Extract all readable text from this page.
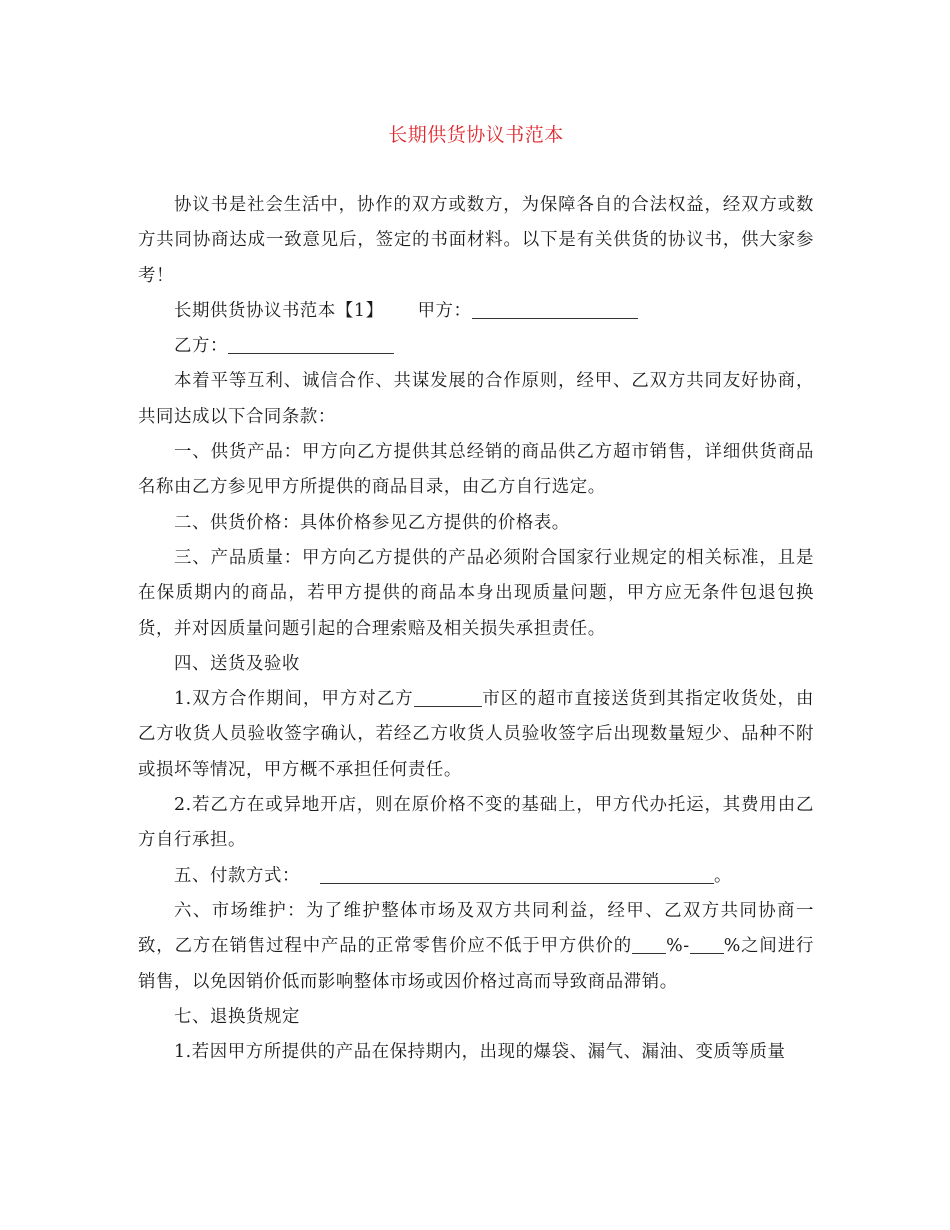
长期供货协议书范本

协议书是社会生活中，协作的双方或数方，为保障各自的合法权益，经双方或数方共同协商达成一致意见后，签定的书面材料。以下是有关供货的协议书，供大家参考！

长期供货协议书范本【1】 甲方：

乙方：

本着平等互利、诚信合作、共谋发展的合作原则，经甲、乙双方共同友好协商，共同达成以下合同条款：

一、供货产品：甲方向乙方提供其总经销的商品供乙方超市销售，详细供货商品名称由乙方参见甲方所提供的商品目录，由乙方自行选定。

二、供货价格：具体价格参见乙方提供的价格表。

三、产品质量：甲方向乙方提供的产品必须附合国家行业规定的相关标准，且是在保质期内的商品，若甲方提供的商品本身出现质量问题，甲方应无条件包退包换货，并对因质量问题引起的合理索赔及相关损失承担责任。

四、送货及验收

1.双方合作期间，甲方对乙方	市区的超市直接送货到其指定收货处，由乙方收货人员验收签字确认，若经乙方收货人员验收签字后出现数量短少、品种不附或损坏等情况，甲方概不承担任何责任。

2.若乙方在或异地开店，则在原价格不变的基础上，甲方代办托运，其费用由乙方自行承担。

五、付款方式：	。

六、市场维护：为了维护整体市场及双方共同利益，经甲、乙双方共同协商一致，乙方在销售过程中产品的正常零售价应不低于甲方供价的 %- %之间进行销售，以免因销价低而影响整体市场或因价格过高而导致商品滞销。

七、退换货规定

1.若因甲方所提供的产品在保持期内，出现的爆袋、漏气、漏油、变质等质量
